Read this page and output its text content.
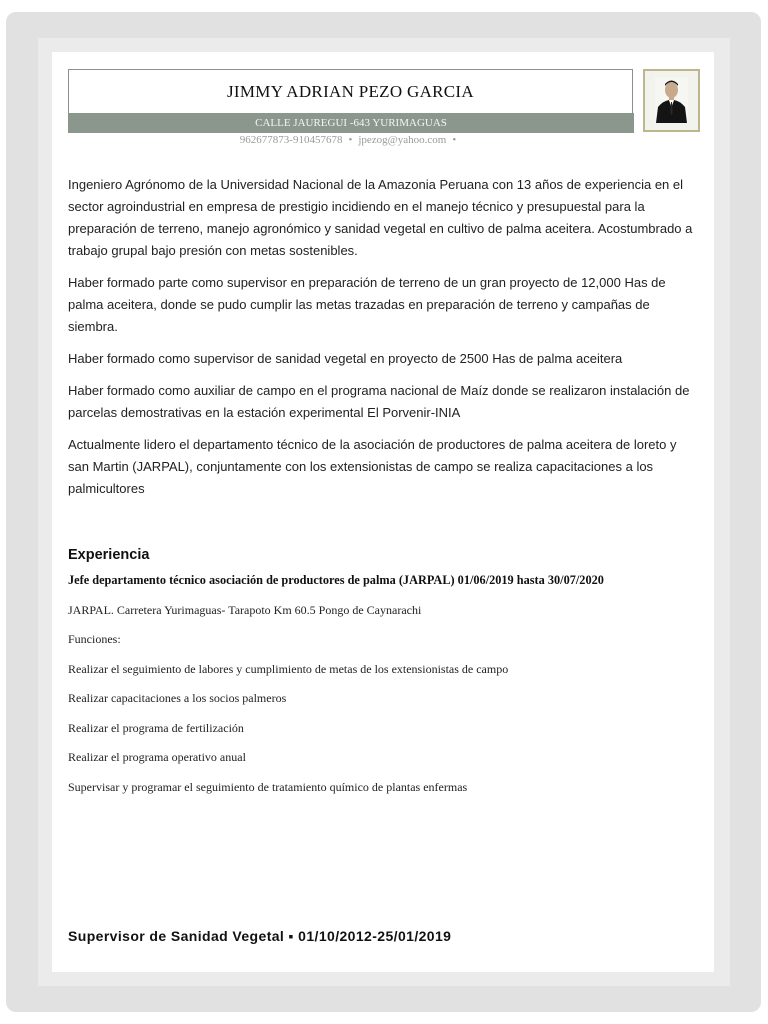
JIMMY ADRIAN PEZO GARCIA
CALLE JAUREGUI -643 YURIMAGUAS
962677873-910457678 • jpezog@yahoo.com •

Ingeniero Agrónomo de la Universidad Nacional de la Amazonia Peruana con 13 años de experiencia en el sector agroindustrial en empresa de prestigio incidiendo en el manejo técnico y presupuestal para la preparación de terreno, manejo agronómico y sanidad vegetal en cultivo de palma aceitera. Acostumbrado a trabajo grupal bajo presión con metas sostenibles.

Haber formado parte como supervisor en preparación de terreno de un gran proyecto de 12,000 Has de palma aceitera, donde se pudo cumplir las metas trazadas en preparación de terreno y campañas de siembra.

Haber formado como supervisor de sanidad vegetal en proyecto de 2500 Has de palma aceitera

Haber formado como auxiliar de campo en el programa nacional de Maíz donde se realizaron instalación de parcelas demostrativas en la estación experimental El Porvenir-INIA

Actualmente lidero el departamento técnico de la asociación de productores de palma aceitera de loreto y san Martin (JARPAL), conjuntamente con los extensionistas de campo se realiza capacitaciones a los palmicultores

Experiencia
Jefe departamento técnico asociación de productores de palma (JARPAL) 01/06/2019 hasta 30/07/2020
JARPAL. Carretera Yurimaguas- Tarapoto Km 60.5 Pongo de Caynarachi
Funciones:
Realizar el seguimiento de labores y cumplimiento de metas de los extensionistas de campo
Realizar capacitaciones a los socios palmeros
Realizar el programa de fertilización
Realizar el programa operativo anual
Supervisar y programar el seguimiento de tratamiento químico de plantas enfermas
Supervisor de Sanidad Vegetal ▪ 01/10/2012-25/01/2019
